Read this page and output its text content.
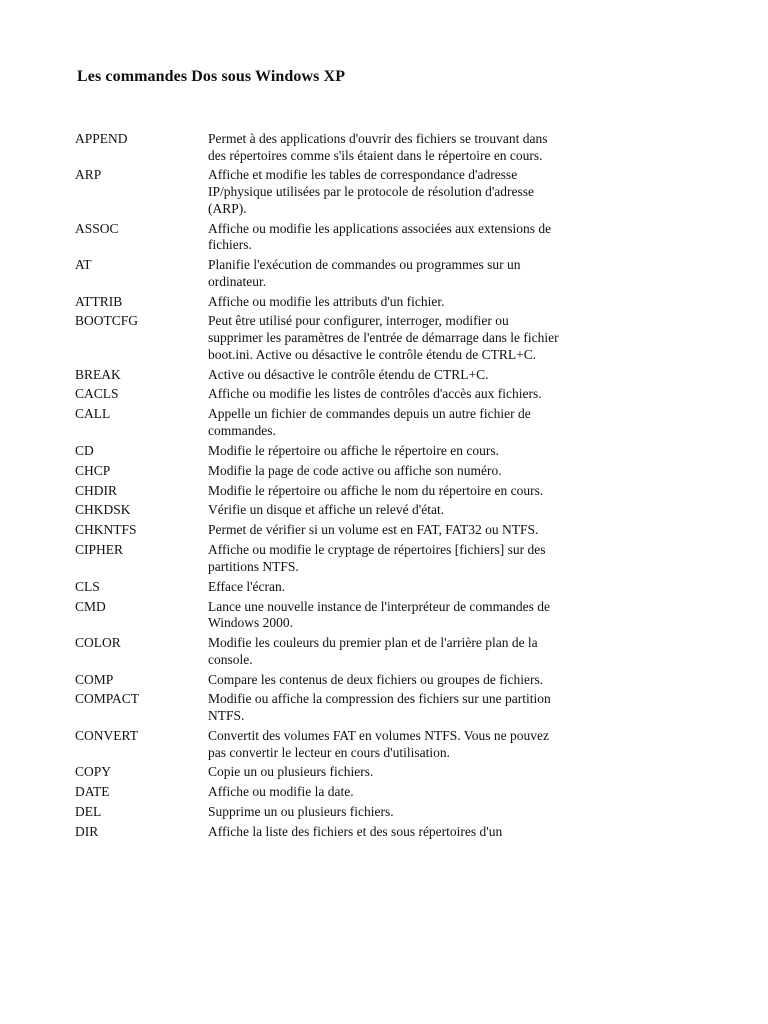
Les commandes Dos sous Windows XP
APPEND	Permet à des applications d'ouvrir des fichiers se trouvant dans des répertoires comme s'ils étaient dans le répertoire en cours.
ARP	Affiche et modifie les tables de correspondance d'adresse IP/physique utilisées par le protocole de résolution d'adresse (ARP).
ASSOC	Affiche ou modifie les applications associées aux extensions de fichiers.
AT	Planifie l'exécution de commandes ou programmes sur un ordinateur.
ATTRIB	Affiche ou modifie les attributs d'un fichier.
BOOTCFG	Peut être utilisé pour configurer, interroger, modifier ou supprimer les paramètres de l'entrée de démarrage dans le fichier boot.ini. Active ou désactive le contrôle étendu de CTRL+C.
BREAK	Active ou désactive le contrôle étendu de CTRL+C.
CACLS	Affiche ou modifie les listes de contrôles d'accès aux fichiers.
CALL	Appelle un fichier de commandes depuis un autre fichier de commandes.
CD	Modifie le répertoire ou affiche le répertoire en cours.
CHCP	Modifie la page de code active ou affiche son numéro.
CHDIR	Modifie le répertoire ou affiche le nom du répertoire en cours.
CHKDSK	Vérifie un disque et affiche un relevé d'état.
CHKNTFS	Permet de vérifier si un volume est en FAT, FAT32 ou NTFS.
CIPHER	Affiche ou modifie le cryptage de répertoires [fichiers] sur des partitions NTFS.
CLS	Efface l'écran.
CMD	Lance une nouvelle instance de l'interpréteur de commandes de Windows 2000.
COLOR	Modifie les couleurs du premier plan et de l'arrière plan de la console.
COMP	Compare les contenus de deux fichiers ou groupes de fichiers.
COMPACT	Modifie ou affiche la compression des fichiers sur une partition NTFS.
CONVERT	Convertit des volumes FAT en volumes NTFS. Vous ne pouvez pas convertir le lecteur en cours d'utilisation.
COPY	Copie un ou plusieurs fichiers.
DATE	Affiche ou modifie la date.
DEL	Supprime un ou plusieurs fichiers.
DIR	Affiche la liste des fichiers et des sous répertoires d'un
